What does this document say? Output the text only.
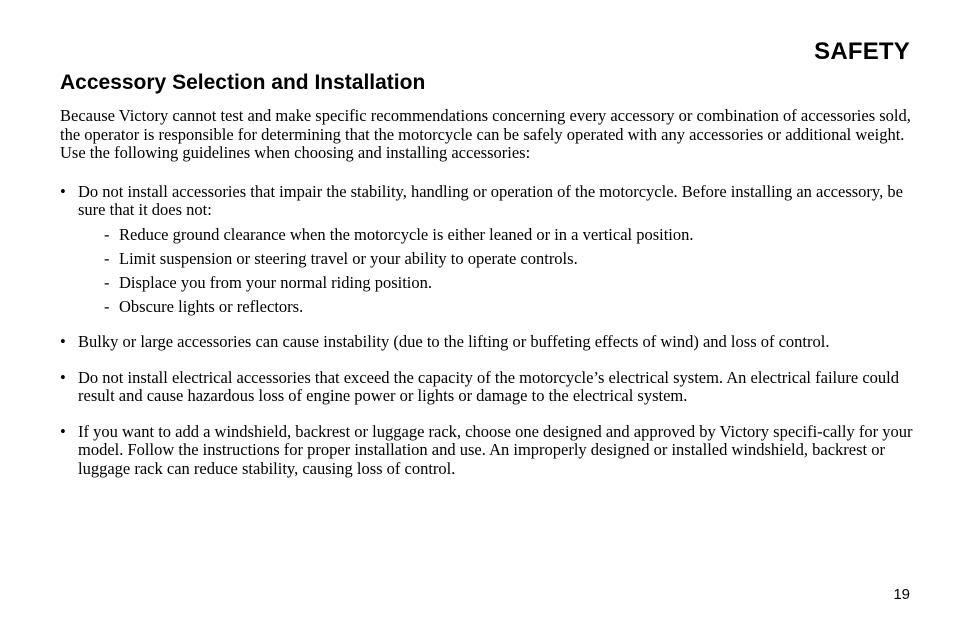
SAFETY
Accessory Selection and Installation

Because Victory cannot test and make specific recommendations concerning every accessory or combination of accessories sold, the operator is responsible for determining that the motorcycle can be safely operated with any accessories or additional weight. Use the following guidelines when choosing and installing accessories:

• Do not install accessories that impair the stability, handling or operation of the motorcycle. Before installing an accessory, be sure that it does not:
- Reduce ground clearance when the motorcycle is either leaned or in a vertical position.
- Limit suspension or steering travel or your ability to operate controls.
- Displace you from your normal riding position.
- Obscure lights or reflectors.
• Bulky or large accessories can cause instability (due to the lifting or buffeting effects of wind) and loss of control.
• Do not install electrical accessories that exceed the capacity of the motorcycle’s electrical system. An electrical failure could result and cause hazardous loss of engine power or lights or damage to the electrical system.
• If you want to add a windshield, backrest or luggage rack, choose one designed and approved by Victory specifi-cally for your model. Follow the instructions for proper installation and use. An improperly designed or installed windshield, backrest or luggage rack can reduce stability, causing loss of control.
19
